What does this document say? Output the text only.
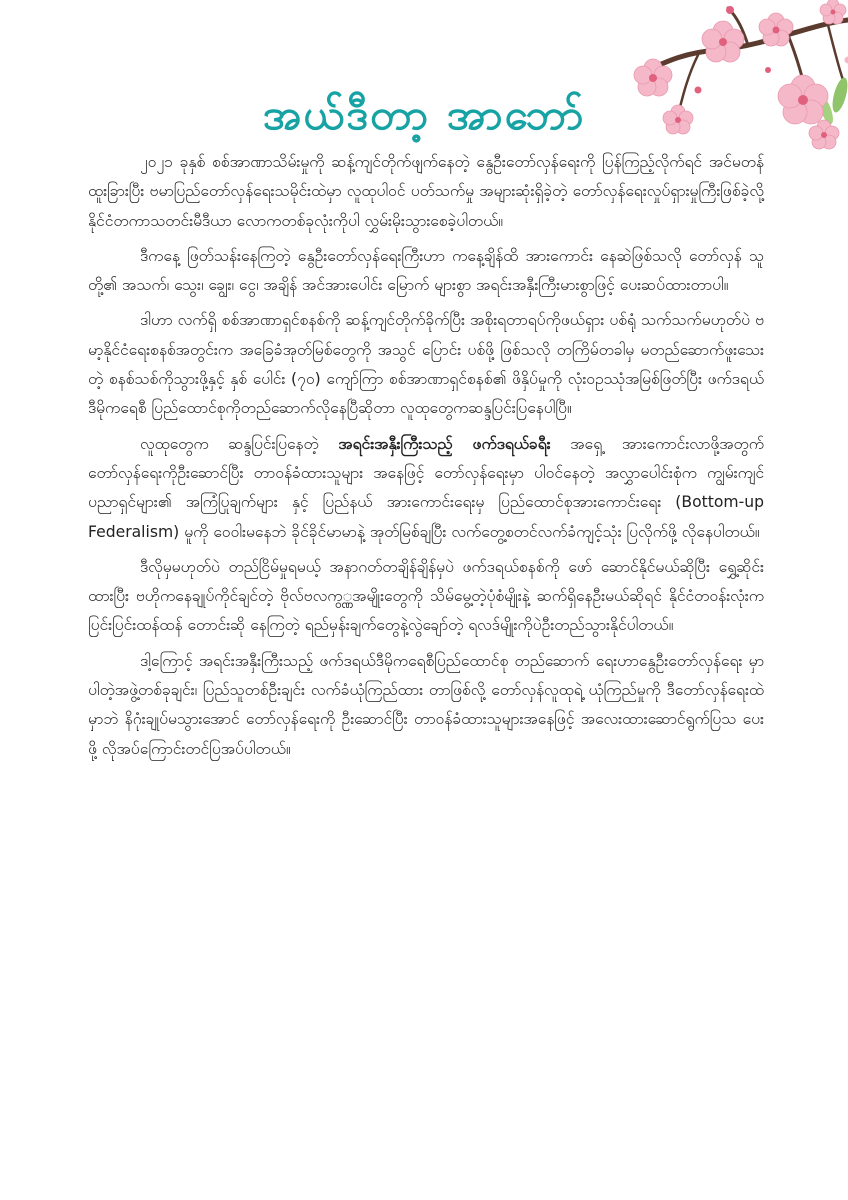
အယ်ဒီတာ့ အာဘော်

၂၀၂၁ ခုနှစ် စစ်အာဏာသိမ်းမှုကို ဆန့်ကျင်တိုက်ဖျက်နေတဲ့ နွေဦးတော်လှန်ရေးကို ပြန်ကြည့်လိုက်ရင် အင်မတန်ထူးခြားပြီး ဗမာပြည်တော်လှန်ရေးသမိုင်းထဲမှာ လူထုပါဝင် ပတ်သက်မှု အများဆုံးရှိခဲ့တဲ့ တော်လှန်ရေးလှုပ်ရှားမှုကြီးဖြစ်ခဲ့လို့ နိုင်ငံတကာသတင်းမီဒီယာ လောကတစ်ခုလုံးကိုပါ လွှမ်းမိုးသွားစေခဲ့ပါတယ်။

ဒီကနေ့ ဖြတ်သန်းနေကြတဲ့ နွေဦးတော်လှန်ရေးကြီးဟာ ကနေ့ချိန်ထိ အားကောင်း နေဆဲဖြစ်သလို တော်လှန် သူတို့၏ အသက်၊ သွေး၊ ချွေး၊ ငွေ၊ အချိန် အင်အားပေါင်း မြောက် များစွာ အရင်းအနှီးကြီးမားစွာဖြင့် ပေးဆပ်ထားတာပါ။

ဒါဟာ လက်ရှိ စစ်အာဏာရှင်စနစ်ကို ဆန့်ကျင်တိုက်ခိုက်ပြီး အစိုးရတာရပ်ကိုဖယ်ရှား ပစ်ရုံ သက်သက်မဟုတ်ပဲ ဗမာ့နိုင်ငံရေးစနစ်အတွင်းက အခြေခံအုတ်မြစ်တွေကို အသွင် ပြောင်း ပစ်ဖို့ ဖြစ်သလို တကြိမ်တခါမှ မတည်ဆောက်ဖူးသေးတဲ့ စနစ်သစ်ကိုသွားဖို့နှင့် နှစ် ပေါင်း (၇၀) ကျော်ကြာ စစ်အာဏာရှင်စနစ်၏ ဖိနှိပ်မှုကို လုံးဝဥဿုံအမြစ်ဖြတ်ပြီး ဖက်ဒရယ် ဒီမိုကရေစီ ပြည်ထောင်စုကိုတည်ဆောက်လိုနေပြီဆိုတာ လူထုတွေကဆန္ဒပြင်းပြနေပါပြီ။

လူထုတွေက ဆန္ဒပြင်းပြနေတဲ့ အရင်းအနှီးကြီးသည့် ဖက်ဒရယ်ခရီး အရှေ့ အားကောင်းလာဖို့အတွက် တော်လှန်ရေးကိုဦးဆောင်ပြီး တာဝန်ခံထားသူများ အနေဖြင့် တော်လှန်ရေးမှာ ပါဝင်နေတဲ့ အလွှာပေါင်းစုံက ကျွမ်းကျင်ပညာရှင်များ၏ အကြံပြုချက်များ နှင့် ပြည်နယ် အားကောင်းရေးမှ ပြည်ထောင်စုအားကောင်းရေး (Bottom-up Federalism) မူကို ဝေဝါးမနေဘဲ ခိုင်ခိုင်မာမာနဲ့ အုတ်မြစ်ချပြီး လက်တွေ့စတင်လက်ခံကျင့်သုံး ပြလိုက်ဖို့ လိုနေပါတယ်။

ဒီလိုမှမဟုတ်ပဲ တည်ငြိမ်မှုရမယ့် အနာဂတ်တချိန်ချိန်မှပဲ ဖက်ဒရယ်စနစ်ကို ဖော် ဆောင်နိုင်မယ်ဆိုပြီး ရွှေ့ဆိုင်းထားပြီး ဗဟိုကနေချုပ်ကိုင်ချင်တဲ့ ဗိုလ်ဗလကွ္ဏအမျိုးတွေကို သိမ်မွေ့တဲ့ပုံစံမျိုးနဲ့ ဆက်ရှိနေဦးမယ်ဆိုရင် နိုင်ငံတဝန်းလုံးက ပြင်းပြင်းထန်ထန် တောင်းဆို နေကြတဲ့ ရည်မှန်းချက်တွေနဲ့လွဲချော်တဲ့ ရလဒ်မျိုးကိုပဲဦးတည်သွားနိုင်ပါတယ်။

ဒါ့ကြောင့် အရင်းအနှီးကြီးသည့် ဖက်ဒရယ်ဒီမိုကရေစီပြည်ထောင်စု တည်ဆောက် ရေးဟာနွေဦးတော်လှန်ရေး မှာပါတဲ့အဖွဲ့တစ်ခုချင်း၊ ပြည်သူတစ်ဦးချင်း လက်ခံယုံကြည်ထား တာဖြစ်လို့ တော်လှန်လူထုရဲ့ ယုံကြည်မှုကို ဒီတော်လှန်ရေးထဲမှာဘဲ နိဂုံးချုပ်မသွားအောင် တော်လှန်ရေးကို ဦးဆောင်ပြီး တာဝန်ခံထားသူများအနေဖြင့် အလေးထားဆောင်ရွက်ပြသ ပေးဖို့ လိုအပ်ကြောင်းတင်ပြအပ်ပါတယ်။
